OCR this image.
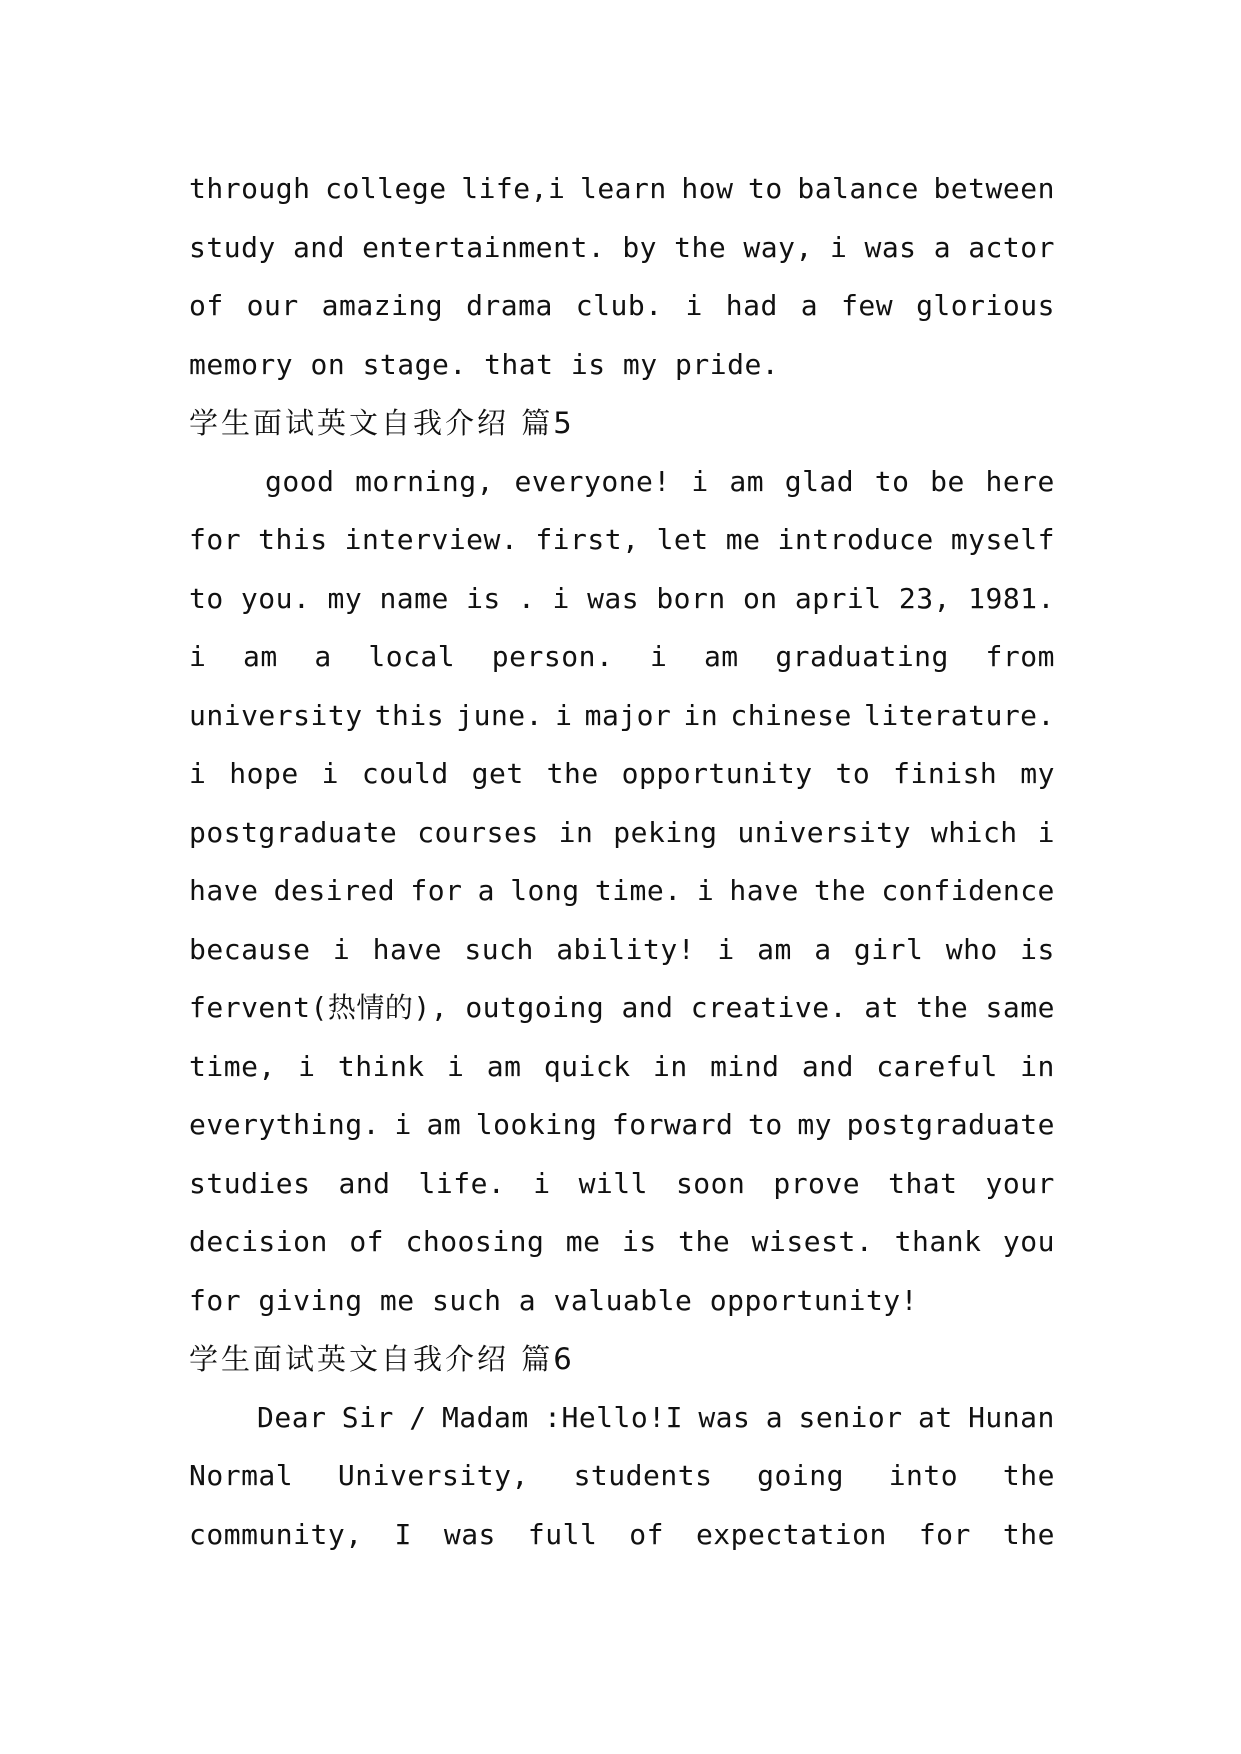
through college life,i learn how to balance between
study and entertainment. by the way, i was a actor
of our amazing drama club. i had a few glorious
memory on stage. that is my pride.
学生面试英文自我介绍 篇5
good morning, everyone! i am glad to be here
for this interview. first, let me introduce myself
to you. my name is . i was born on april 23, 1981.
i am a local person. i am graduating from
university this june. i major in chinese literature.
i hope i could get the opportunity to finish my
postgraduate courses in peking university which i
have desired for a long time. i have the confidence
because i have such ability! i am a girl who is
fervent(热情的), outgoing and creative. at the same
time, i think i am quick in mind and careful in
everything. i am looking forward to my postgraduate
studies and life. i will soon prove that your
decision of choosing me is the wisest. thank you
for giving me such a valuable opportunity!
学生面试英文自我介绍 篇6
Dear Sir / Madam :Hello!I was a senior at Hunan
Normal University, students going into the
community, I was full of expectation for the
